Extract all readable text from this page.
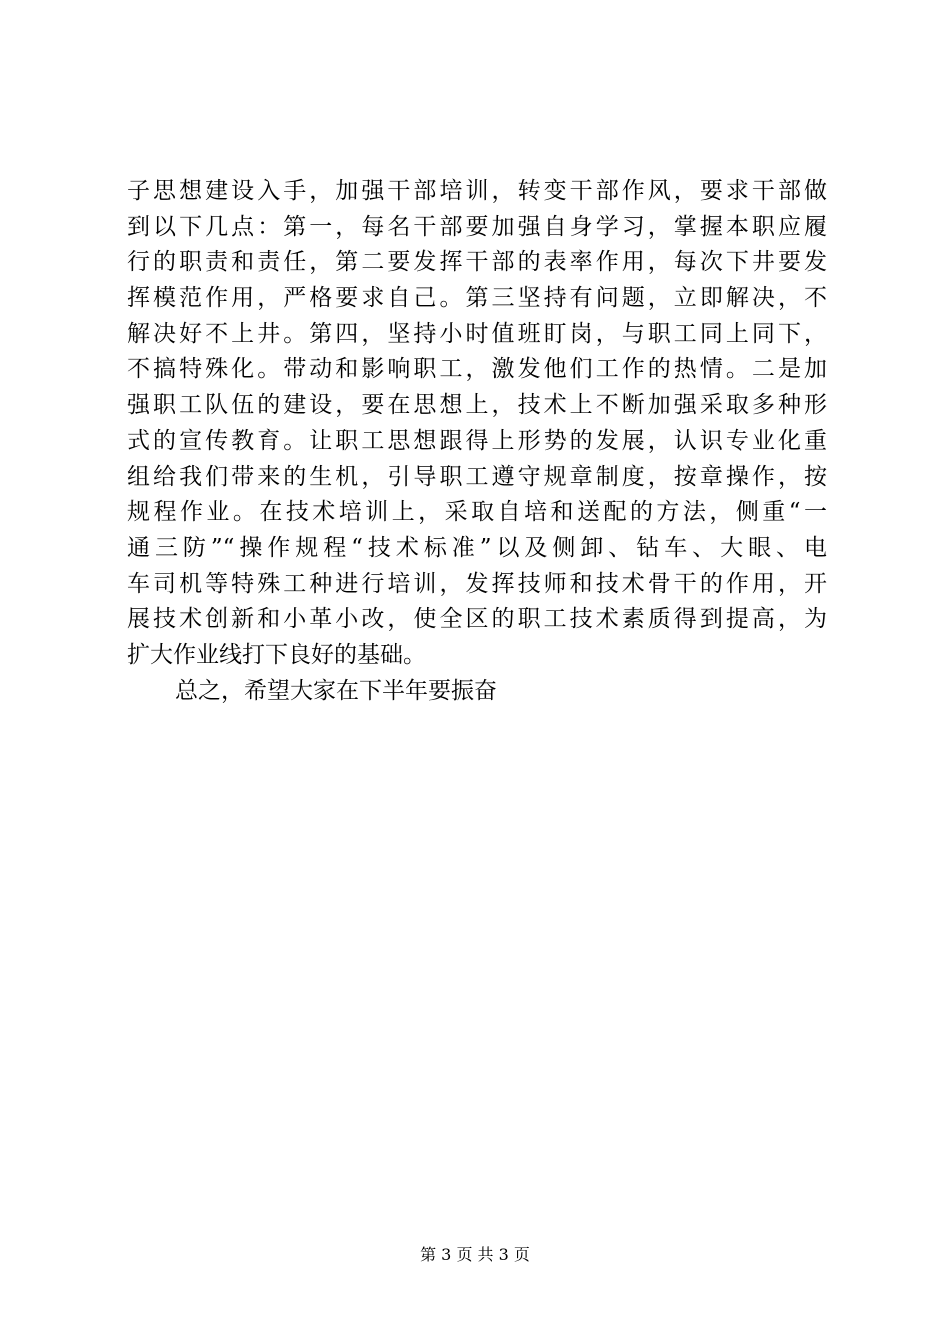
子思想建设入手，加强干部培训，转变干部作风，要求干部做
到以下几点：第一，每名干部要加强自身学习，掌握本职应履
行的职责和责任，第二要发挥干部的表率作用，每次下井要发
挥模范作用，严格要求自己。第三坚持有问题，立即解决，不
解决好不上井。第四，坚持小时值班盯岗，与职工同上同下，
不搞特殊化。带动和影响职工，激发他们工作的热情。二是加
强职工队伍的建设，要在思想上，技术上不断加强采取多种形
式的宣传教育。让职工思想跟得上形势的发展，认识专业化重
组给我们带来的生机，引导职工遵守规章制度，按章操作，按
规程作业。在技术培训上，采取自培和送配的方法，侧重“一
通三防”“操作规程“技术标准”以及侧卸、钻车、大眼、电
车司机等特殊工种进行培训，发挥技师和技术骨干的作用，开
展技术创新和小革小改，使全区的职工技术素质得到提高，为
扩大作业线打下良好的基础。
总之，希望大家在下半年要振奋
第 3 页 共 3 页
